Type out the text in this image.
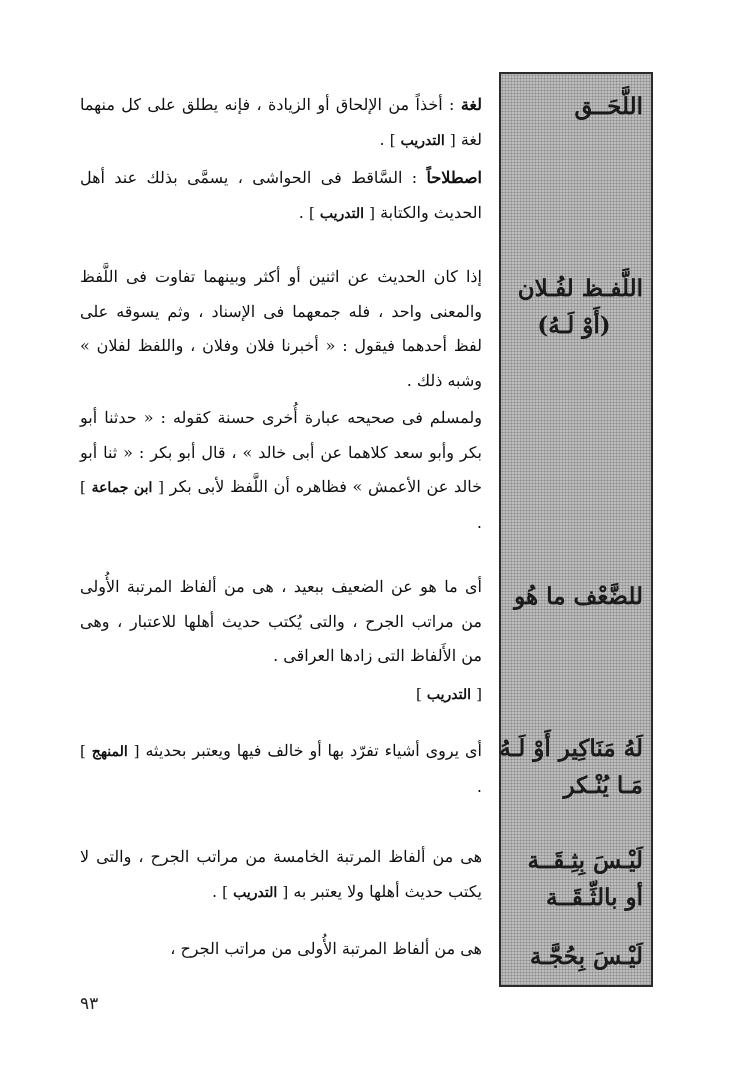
اللَّحَــق
اللَّفـظ لفُـلان
(أَوْ لَـهُ)
للضَّعْف ما هُو
لَهُ مَنَاكِير أَوْ لَـهُ
مَـا يُنْـكر
لَيْـسَ بِثِـقَــة
أو بالثِّـقَــة
لَيْـسَ بِحُجَّـة

لغة : أخذاً من الإلحاق أو الزيادة ، فإنه يطلق على كل منهما لغة [ التدريب ] .

اصطلاحاً : السَّاقط فى الحواشى ، يسمَّى بذلك عند أهل الحديث والكتابة [ التدريب ] .

إذا كان الحديث عن اثنين أو أكثر وبينهما تفاوت فى اللَّفظ والمعنى واحد ، فله جمعهما فى الإسناد ، وثم يسوقه على لفظ أحدهما فيقول : « أخبرنا فلان وفلان ، واللفظ لفلان » وشبه ذلك .

ولمسلم فى صحيحه عبارة أُخرى حسنة كقوله : « حدثنا أبو بكر وأبو سعد كلاهما عن أبى خالد » ، قال أبو بكر : « ثنا أبو خالد عن الأعمش » فظاهره أن اللَّفظ لأبى بكر [ ابن جماعة ] .

أى ما هو عن الضعيف ببعيد ، هى من ألفاظ المرتبة الأُولى من مراتب الجرح ، والتى يُكتب حديث أهلها للاعتبار ، وهى من الأَلفاظ التى زادها العراقى .

[ التدريب ]

أى يروى أشياء تفرّد بها أو خالف فيها ويعتبر بحديثه [ المنهج ] .

هى من ألفاظ المرتبة الخامسة من مراتب الجرح ، والتى لا يكتب حديث أهلها ولا يعتبر به [ التدريب ] .

هى من ألفاظ المرتبة الأُولى من مراتب الجرح ،

٩٣
